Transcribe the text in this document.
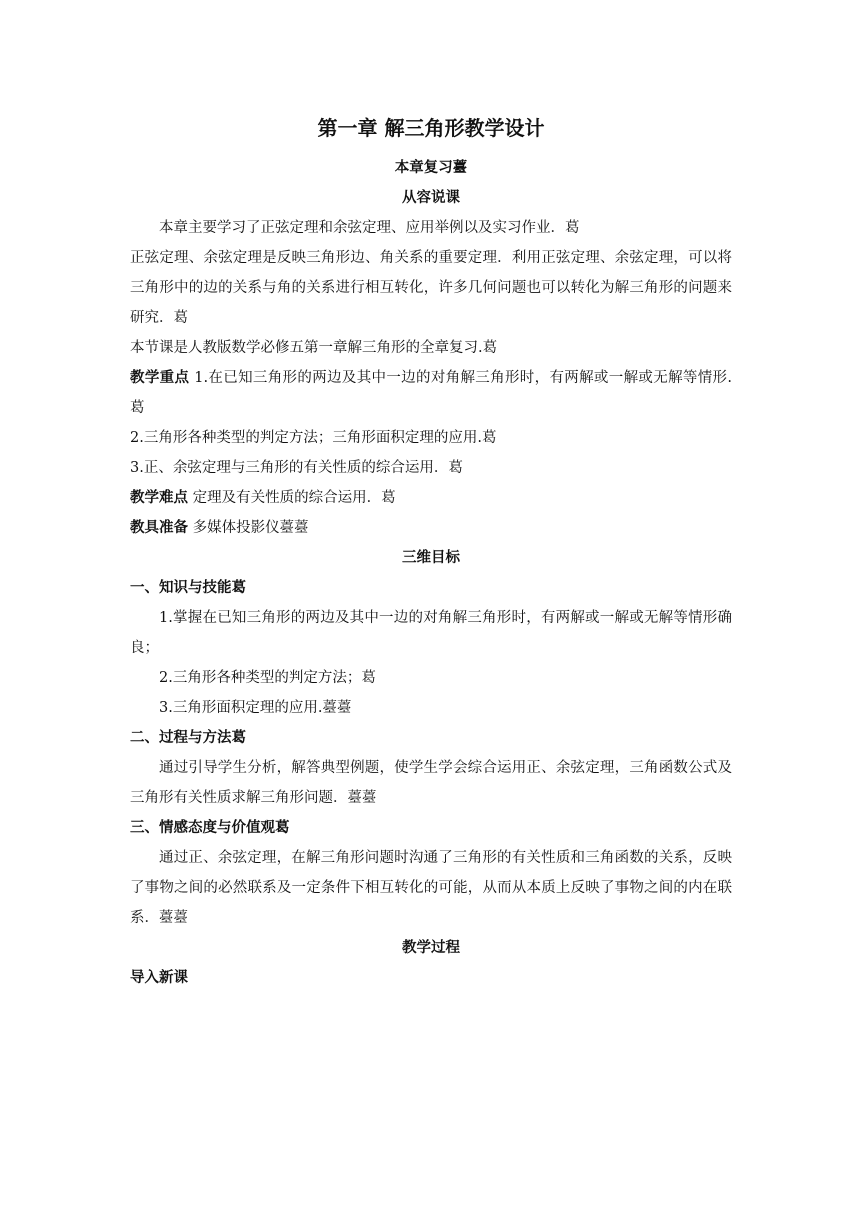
第一章 解三角形教学设计
本章复习薹
从容说课

本章主要学习了正弦定理和余弦定理、应用举例以及实习作业．葛

正弦定理、余弦定理是反映三角形边、角关系的重要定理．利用正弦定理、余弦定理，可以将三角形中的边的关系与角的关系进行相互转化，许多几何问题也可以转化为解三角形的问题来研究．葛

本节课是人教版数学必修五第一章解三角形的全章复习.葛

教学重点 1.在已知三角形的两边及其中一边的对角解三角形时，有两解或一解或无解等情形.葛

2.三角形各种类型的判定方法；三角形面积定理的应用.葛

3.正、余弦定理与三角形的有关性质的综合运用．葛

教学难点 定理及有关性质的综合运用．葛

教具准备 多媒体投影仪薹薹

三维目标

一、知识与技能葛

1.掌握在已知三角形的两边及其中一边的对角解三角形时，有两解或一解或无解等情形确良；

2.三角形各种类型的判定方法；葛

3.三角形面积定理的应用.薹薹

二、过程与方法葛

通过引导学生分析，解答典型例题，使学生学会综合运用正、余弦定理，三角函数公式及三角形有关性质求解三角形问题．薹薹

三、情感态度与价值观葛

通过正、余弦定理，在解三角形问题时沟通了三角形的有关性质和三角函数的关系，反映了事物之间的必然联系及一定条件下相互转化的可能，从而从本质上反映了事物之间的内在联系．薹薹

教学过程

导入新课
